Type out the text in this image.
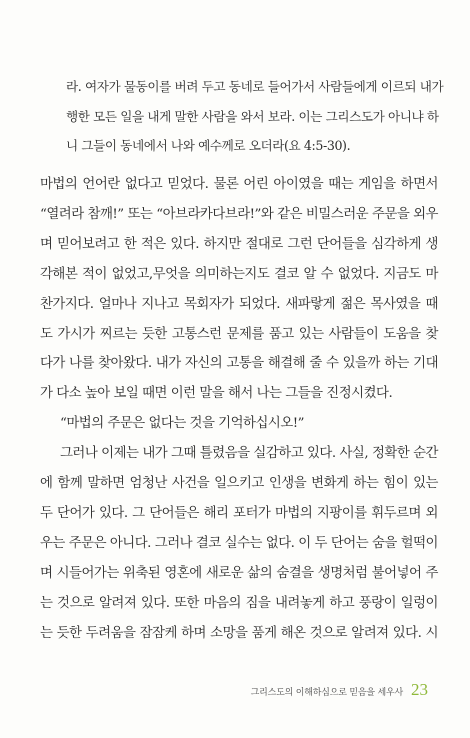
라. 여자가 물동이를 버려 두고 동네로 들어가서 사람들에게 이르되 내가
행한 모든 일을 내게 말한 사람을 와서 보라. 이는 그리스도가 아니냐 하
니 그들이 동네에서 나와 예수께로 오더라(요 4:5-30).
마법의 언어란 없다고 믿었다. 물론 어린 아이였을 때는 게임을 하면서
“열려라 참깨!” 또는 “아브라카다브라!”와 같은 비밀스러운 주문을 외우
며 믿어보려고 한 적은 있다. 하지만 절대로 그런 단어들을 심각하게 생
각해본 적이 없었고,무엇을 의미하는지도 결코 알 수 없었다. 지금도 마
찬가지다. 얼마나 지나고 목회자가 되었다. 새파랗게 젊은 목사였을 때
도 가시가 찌르는 듯한 고통스런 문제를 품고 있는 사람들이 도움을 찾
다가 나를 찾아왔다. 내가 자신의 고통을 해결해 줄 수 있을까 하는 기대
가 다소 높아 보일 때면 이런 말을 해서 나는 그들을 진정시켰다.
“마법의 주문은 없다는 것을 기억하십시오!”
그러나 이제는 내가 그때 틀렸음을 실감하고 있다. 사실, 정확한 순간
에 함께 말하면 엄청난 사건을 일으키고 인생을 변화게 하는 힘이 있는
두 단어가 있다. 그 단어들은 해리 포터가 마법의 지팡이를 휘두르며 외
우는 주문은 아니다. 그러나 결코 실수는 없다. 이 두 단어는 숨을 헐떡이
며 시들어가는 위축된 영혼에 새로운 삶의 숨결을 생명처럼 불어넣어 주
는 것으로 알려져 있다. 또한 마음의 짐을 내려놓게 하고 풍랑이 일렁이
는 듯한 두려움을 잠잠케 하며 소망을 품게 해온 것으로 알려져 있다. 시
그리스도의 이해하심으로 믿음을 세우사 23
